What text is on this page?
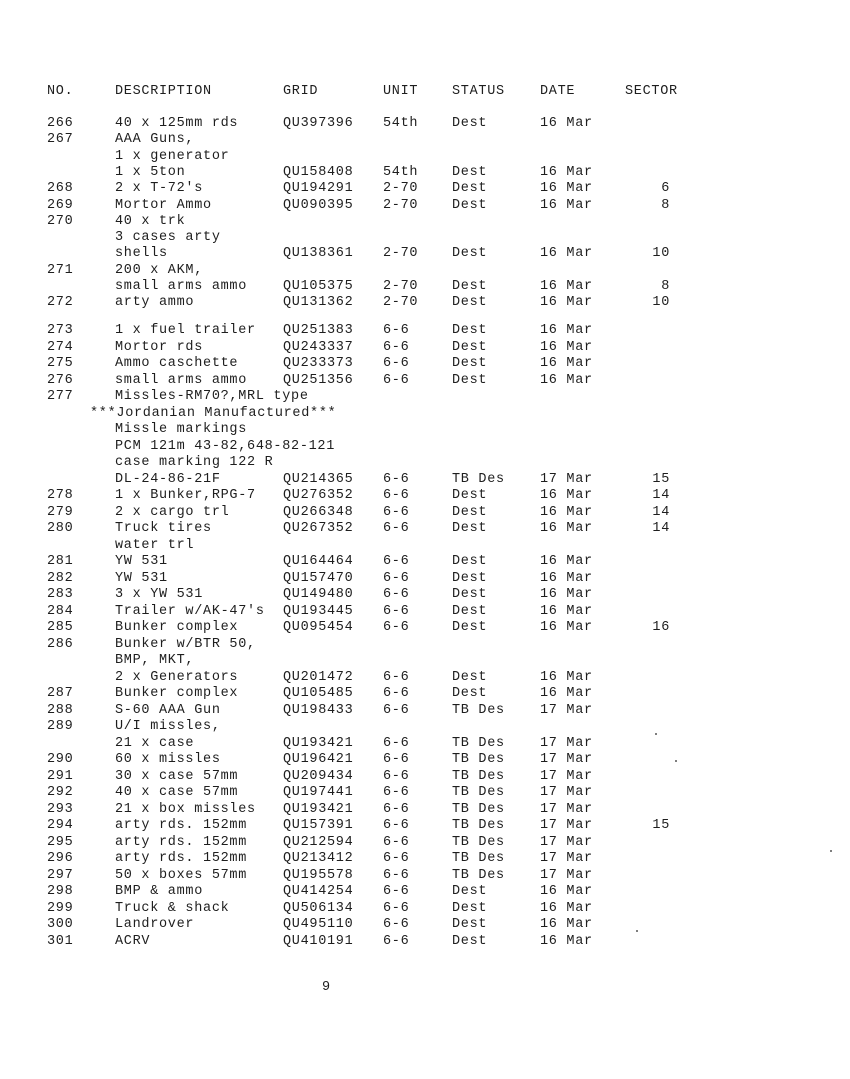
NO.	DESCRIPTION	GRID	UNIT	STATUS	DATE	SECTOR
266	40 x 125mm rds	QU397396 54th	Dest	16 Mar
267	AAA Guns,
1 x generator
1 x 5ton	QU158408 54th	Dest	16 Mar
268	2 x T-72's	QU194291 2-70	Dest	16 Mar	6
269	Mortor Ammo	QU090395 2-70	Dest	16 Mar	8
270	40 x trk
3 cases arty
shells	QU138361 2-70	Dest	16 Mar	10
271	200 x AKM,
small arms ammo	QU105375 2-70	Dest	16 Mar	8
272	arty ammo	QU131362 2-70	Dest	16 Mar	10
273	1 x fuel trailer QU251383 6-6	Dest	16 Mar
274	Mortor rds	QU243337 6-6	Dest	16 Mar
275	Ammo caschette	QU233373 6-6	Dest	16 Mar
276	small arms ammo	QU251356 6-6	Dest	16 Mar
277	Missles-RM70?,MRL type
***Jordanian Manufactured***
Missle markings
PCM 121m 43-82,648-82-121
case marking 122 R
DL-24-86-21F	QU214365 6-6	TB Des	17 Mar	15
278	1 x Bunker,RPG-7 QU276352 6-6	Dest	16 Mar	14
279	2 x cargo trl	QU266348 6-6	Dest	16 Mar	14
280	Truck tires	QU267352 6-6	Dest	16 Mar	14
water trl
281	YW 531	QU164464 6-6	Dest	16 Mar
282	YW 531	QU157470 6-6	Dest	16 Mar
283	3 x YW 531	QU149480 6-6	Dest	16 Mar
284	Trailer w/AK-47's QU193445 6-6	Dest	16 Mar
285	Bunker complex	QU095454 6-6	Dest	16 Mar	16
286	Bunker w/BTR 50,
BMP, MKT,
2 x Generators	QU201472 6-6	Dest	16 Mar
287	Bunker complex	QU105485 6-6	Dest	16 Mar
288	S-60 AAA Gun	QU198433 6-6	TB Des	17 Mar
289	U/I missles,
21 x case	QU193421 6-6	TB Des	17 Mar
290	60 x missles	QU196421 6-6	TB Des	17 Mar
291	30 x case 57mm	QU209434 6-6	TB Des	17 Mar
292	40 x case 57mm	QU197441 6-6	TB Des	17 Mar
293	21 x box missles QU193421 6-6	TB Des	17 Mar
294	arty rds. 152mm	QU157391 6-6	TB Des	17 Mar	15
295	arty rds. 152mm	QU212594 6-6	TB Des	17 Mar
296	arty rds. 152mm	QU213412 6-6	TB Des	17 Mar
297	50 x boxes 57mm	QU195578 6-6	TB Des	17 Mar
298	BMP & ammo	QU414254 6-6	Dest	16 Mar
299	Truck & shack	QU506134 6-6	Dest	16 Mar
300	Landrover	QU495110 6-6	Dest	16 Mar
301	ACRV	QU410191 6-6	Dest	16 Mar
9
